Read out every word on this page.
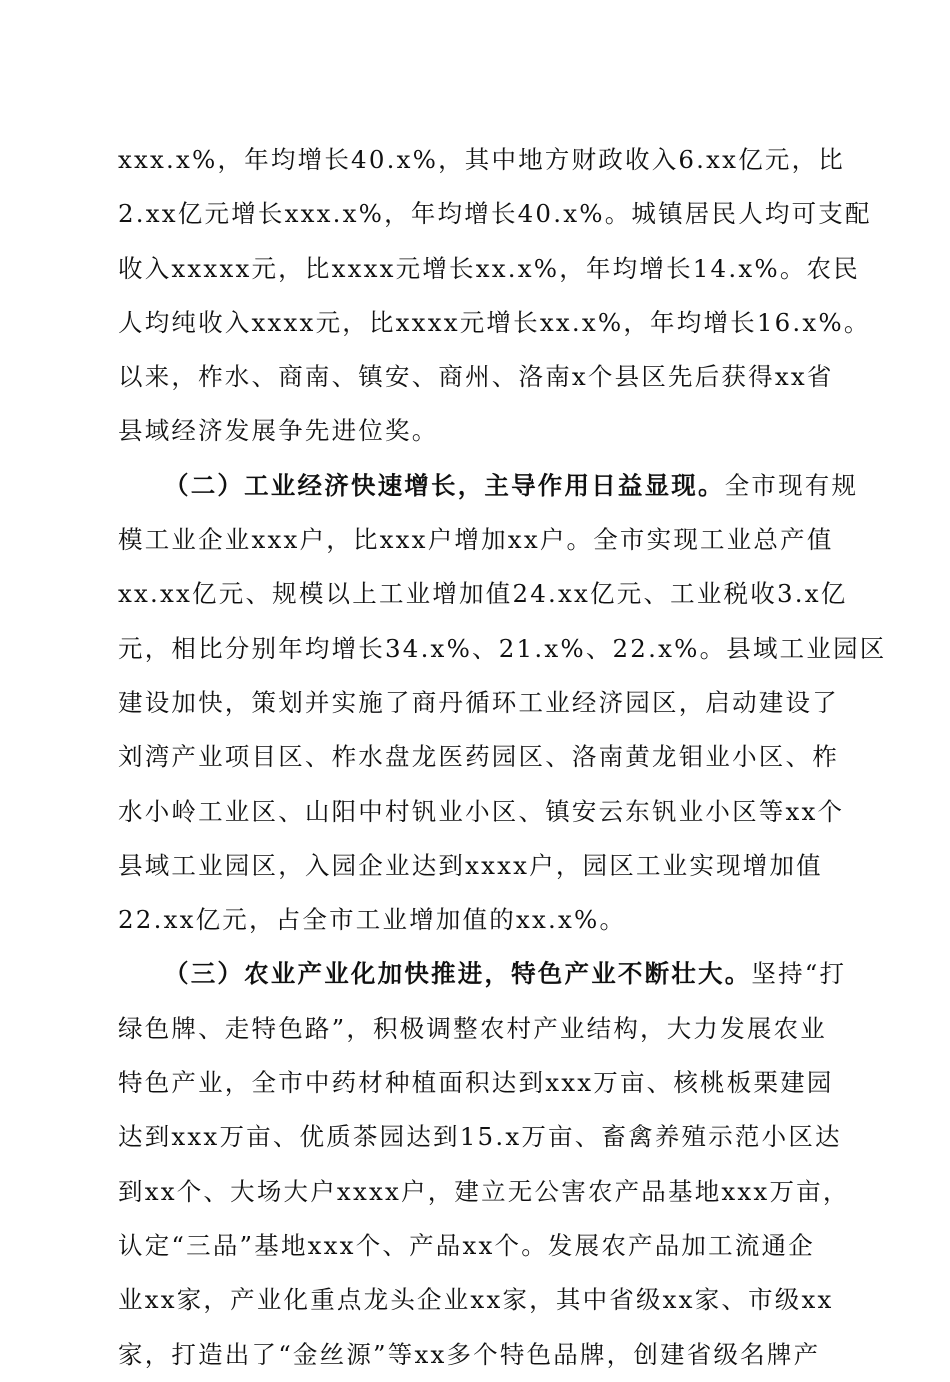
xxx.x%，年均增长40.x%，其中地方财政收入6.xx亿元，比
2.xx亿元增长xxx.x%，年均增长40.x%。城镇居民人均可支配
收入xxxxx元，比xxxx元增长xx.x%，年均增长14.x%。农民
人均纯收入xxxx元，比xxxx元增长xx.x%，年均增长16.x%。
以来，柞水、商南、镇安、商州、洛南x个县区先后获得xx省
县域经济发展争先进位奖。
（二）工业经济快速增长，主导作用日益显现。全市现有规
模工业企业xxx户，比xxx户增加xx户。全市实现工业总产值
xx.xx亿元、规模以上工业增加值24.xx亿元、工业税收3.x亿
元，相比分别年均增长34.x%、21.x%、22.x%。县域工业园区
建设加快，策划并实施了商丹循环工业经济园区，启动建设了
刘湾产业项目区、柞水盘龙医药园区、洛南黄龙钼业小区、柞
水小岭工业区、山阳中村钒业小区、镇安云东钒业小区等xx个
县域工业园区，入园企业达到xxxx户，园区工业实现增加值
22.xx亿元，占全市工业增加值的xx.x%。
（三）农业产业化加快推进，特色产业不断壮大。坚持“打
绿色牌、走特色路”，积极调整农村产业结构，大力发展农业
特色产业，全市中药材种植面积达到xxx万亩、核桃板栗建园
达到xxx万亩、优质茶园达到15.x万亩、畜禽养殖示范小区达
到xx个、大场大户xxxx户，建立无公害农产品基地xxx万亩，
认定“三品”基地xxx个、产品xx个。发展农产品加工流通企
业xx家，产业化重点龙头企业xx家，其中省级xx家、市级xx
家，打造出了“金丝源”等xx多个特色品牌，创建省级名牌产
